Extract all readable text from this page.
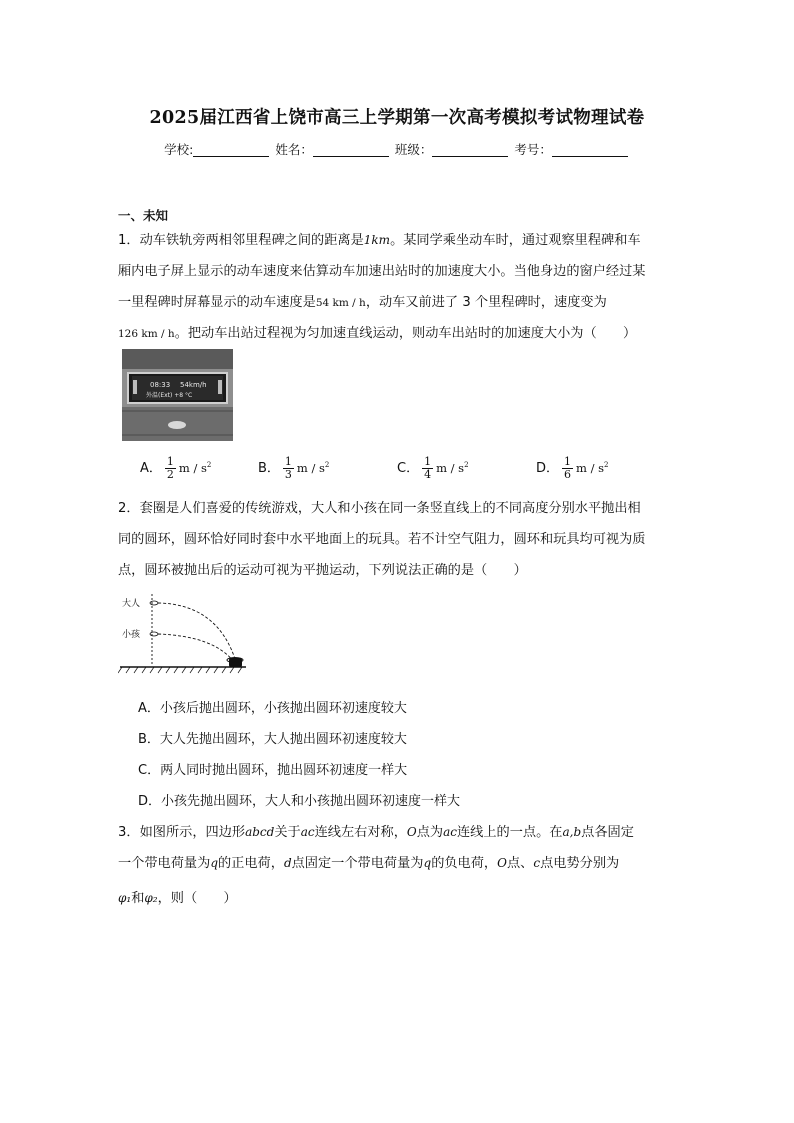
2025届江西省上饶市高三上学期第一次高考模拟考试物理试卷
学校:	姓名：	班级：	考号：
一、未知
1．动车铁轨旁两相邻里程碑之间的距离是1km。某同学乘坐动车时，通过观察里程碑和车
厢内电子屏上显示的动车速度来估算动车加速出站时的加速度大小。当他身边的窗户经过某
一里程碑时屏幕显示的动车速度是54 km / h，动车又前进了 3 个里程碑时，速度变为
126 km / h。把动车出站过程视为匀加速直线运动，则动车出站时的加速度大小为（　　）
08:33 54km/h
外温(Ext) +8 °C
A． $\frac{1}{2}$ m / $s^2$	B． $\frac{1}{3}$ m / $s^2$	C． $\frac{1}{4}$ m / $s^2$	D． $\frac{1}{6}$ m / $s^2$
2．套圈是人们喜爱的传统游戏，大人和小孩在同一条竖直线上的不同高度分别水平抛出相
同的圆环，圆环恰好同时套中水平地面上的玩具。若不计空气阻力，圆环和玩具均可视为质
点，圆环被抛出后的运动可视为平抛运动，下列说法正确的是（　　）
大人
小孩
A．小孩后抛出圆环，小孩抛出圆环初速度较大
B．大人先抛出圆环，大人抛出圆环初速度较大
C．两人同时抛出圆环，抛出圆环初速度一样大
D．小孩先抛出圆环，大人和小孩抛出圆环初速度一样大
3．如图所示，四边形abcd关于ac连线左右对称，O点为ac连线上的一点。在a,b点各固定
一个带电荷量为q的正电荷，d点固定一个带电荷量为q的负电荷，O点、c点电势分别为
φ₁和φ₂，则（　　）
